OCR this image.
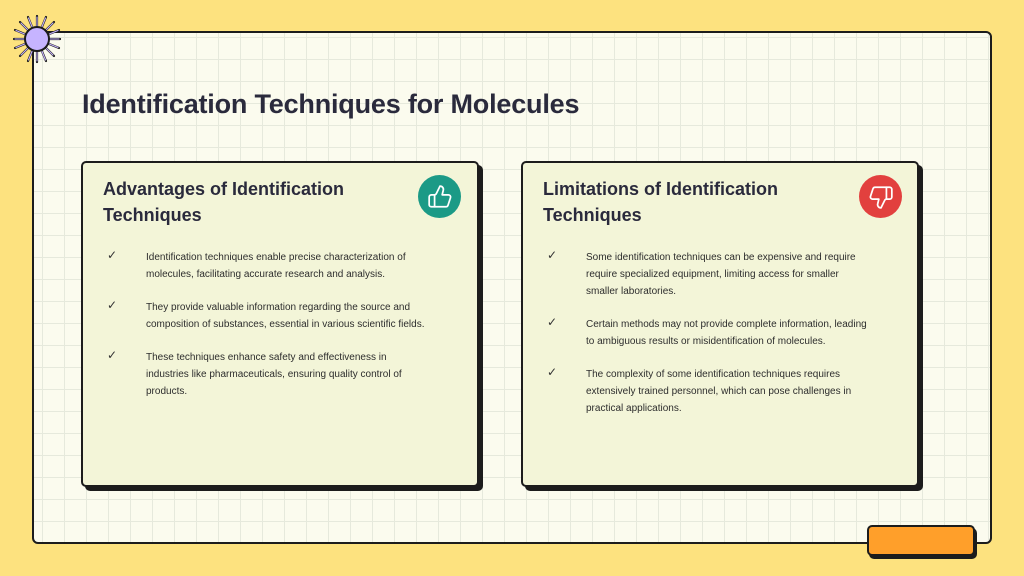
Identification Techniques for Molecules
Advantages of Identification Techniques
✓	Identification techniques enable precise characterization of molecules, facilitating accurate research and analysis.
✓	They provide valuable information regarding the source and composition of substances, essential in various scientific fields.
✓	These techniques enhance safety and effectiveness in industries like pharmaceuticals, ensuring quality control of products.
Limitations of Identification Techniques
✓	Some identification techniques can be expensive and require require specialized equipment, limiting access for smaller smaller laboratories.
✓	Certain methods may not provide complete information, leading to ambiguous results or misidentification of molecules.
✓	The complexity of some identification techniques requires extensively trained personnel, which can pose challenges in practical applications.
